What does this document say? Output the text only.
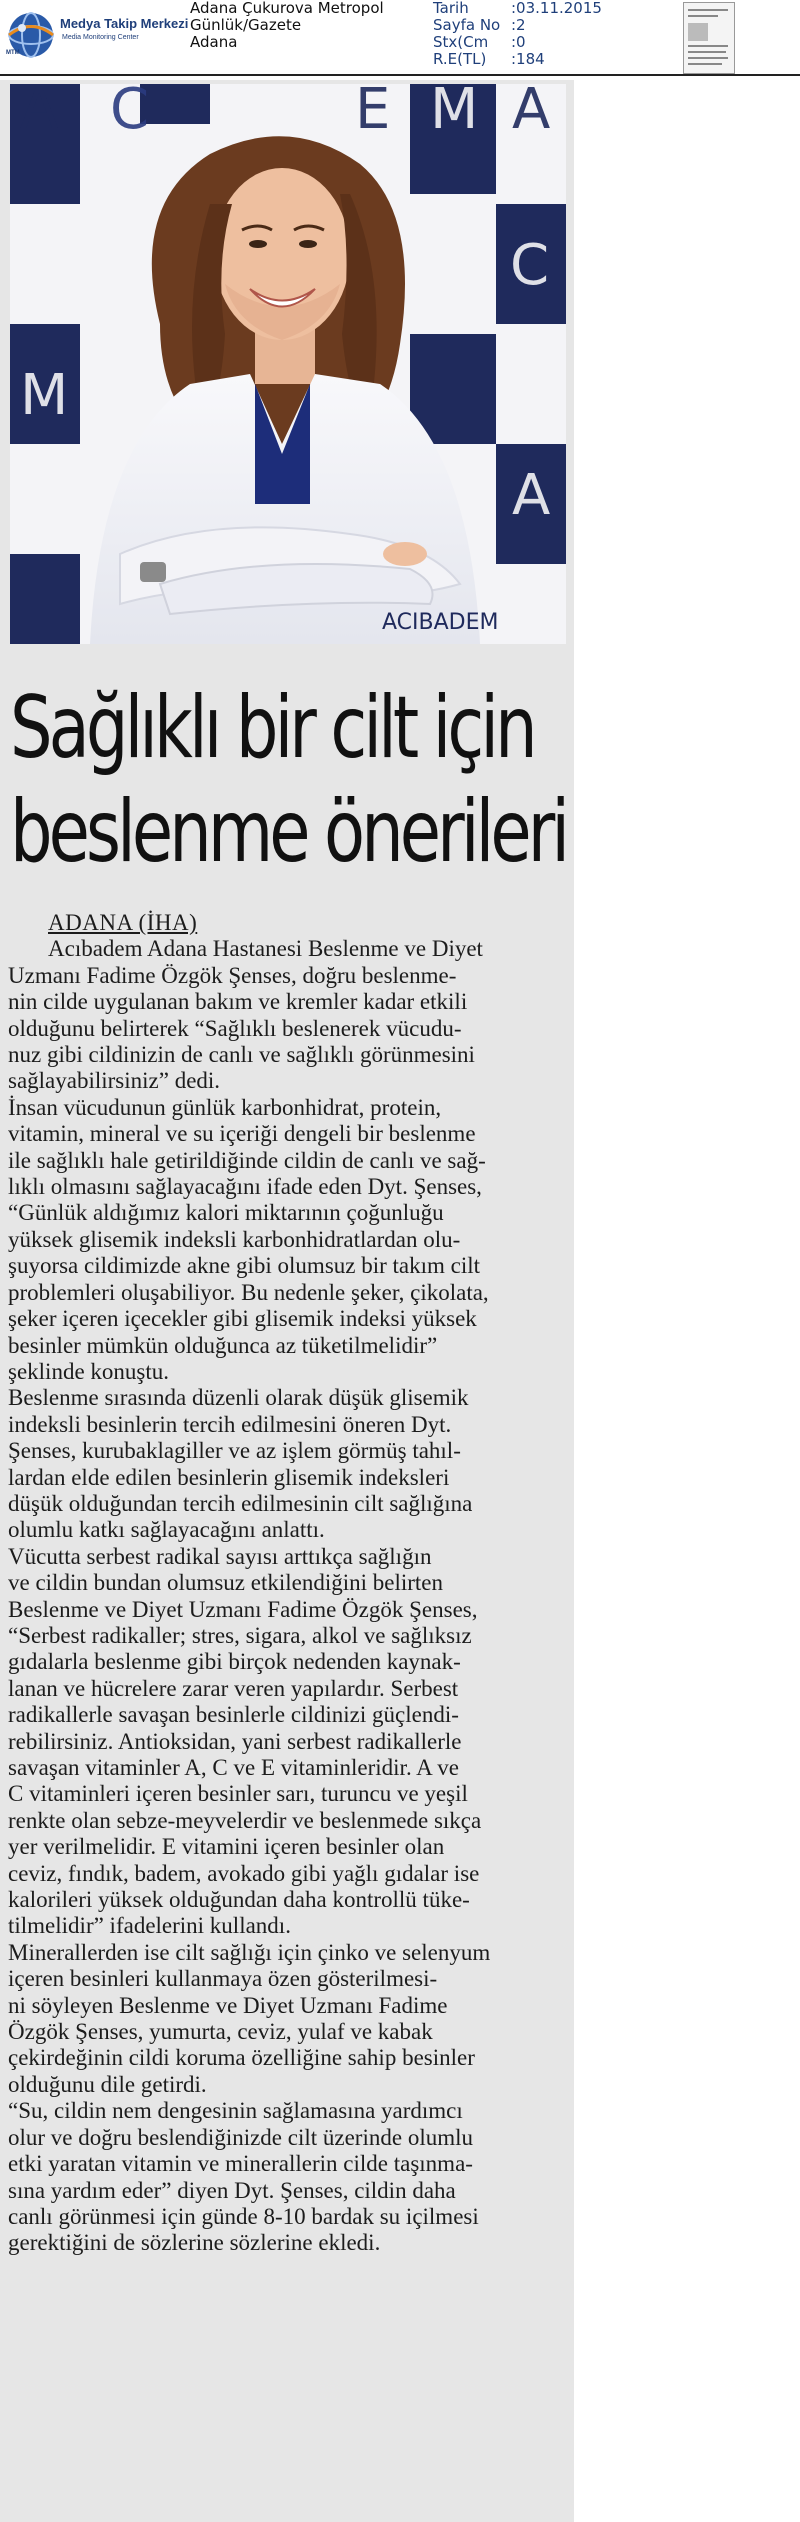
MTM
Medya Takip Merkezi
Media Monitoring Center
Adana Çukurova Metropol
Günlük/Gazete
Adana
Tarih	:03.11.2015
Sayfa No :2
Stx(Cm	:0
R.E(TL)	:184
A C	E M A
A	C
M
A
ACIBADEM
Sağlıklı bir cilt için
beslenme önerileri
ADANA (İHA)
Acıbadem Adana Hastanesi Beslenme ve Diyet
Uzmanı Fadime Özgök Şenses, doğru beslenme-
nin cilde uygulanan bakım ve kremler kadar etkili
olduğunu belirterek “Sağlıklı beslenerek vücudu-
nuz gibi cildinizin de canlı ve sağlıklı görünmesini
sağlayabilirsiniz” dedi.
İnsan vücudunun günlük karbonhidrat, protein,
vitamin, mineral ve su içeriği dengeli bir beslenme
ile sağlıklı hale getirildiğinde cildin de canlı ve sağ-
lıklı olmasını sağlayacağını ifade eden Dyt. Şenses,
“Günlük aldığımız kalori miktarının çoğunluğu
yüksek glisemik indeksli karbonhidratlardan olu-
şuyorsa cildimizde akne gibi olumsuz bir takım cilt
problemleri oluşabiliyor. Bu nedenle şeker, çikolata,
şeker içeren içecekler gibi glisemik indeksi yüksek
besinler mümkün olduğunca az tüketilmelidir”
şeklinde konuştu.
Beslenme sırasında düzenli olarak düşük glisemik
indeksli besinlerin tercih edilmesini öneren Dyt.
Şenses, kurubaklagiller ve az işlem görmüş tahıl-
lardan elde edilen besinlerin glisemik indeksleri
düşük olduğundan tercih edilmesinin cilt sağlığına
olumlu katkı sağlayacağını anlattı.
Vücutta serbest radikal sayısı arttıkça sağlığın
ve cildin bundan olumsuz etkilendiğini belirten
Beslenme ve Diyet Uzmanı Fadime Özgök Şenses,
“Serbest radikaller; stres, sigara, alkol ve sağlıksız
gıdalarla beslenme gibi birçok nedenden kaynak-
lanan ve hücrelere zarar veren yapılardır. Serbest
radikallerle savaşan besinlerle cildinizi güçlendi-
rebilirsiniz. Antioksidan, yani serbest radikallerle
savaşan vitaminler A, C ve E vitaminleridir. A ve
C vitaminleri içeren besinler sarı, turuncu ve yeşil
renkte olan sebze-meyvelerdir ve beslenmede sıkça
yer verilmelidir. E vitamini içeren besinler olan
ceviz, fındık, badem, avokado gibi yağlı gıdalar ise
kalorileri yüksek olduğundan daha kontrollü tüke-
tilmelidir” ifadelerini kullandı.
Minerallerden ise cilt sağlığı için çinko ve selenyum
içeren besinleri kullanmaya özen gösterilmesi-
ni söyleyen Beslenme ve Diyet Uzmanı Fadime
Özgök Şenses, yumurta, ceviz, yulaf ve kabak
çekirdeğinin cildi koruma özelliğine sahip besinler
olduğunu dile getirdi.
“Su, cildin nem dengesinin sağlamasına yardımcı
olur ve doğru beslendiğinizde cilt üzerinde olumlu
etki yaratan vitamin ve minerallerin cilde taşınma-
sına yardım eder” diyen Dyt. Şenses, cildin daha
canlı görünmesi için günde 8-10 bardak su içilmesi
gerektiğini de sözlerine sözlerine ekledi.
